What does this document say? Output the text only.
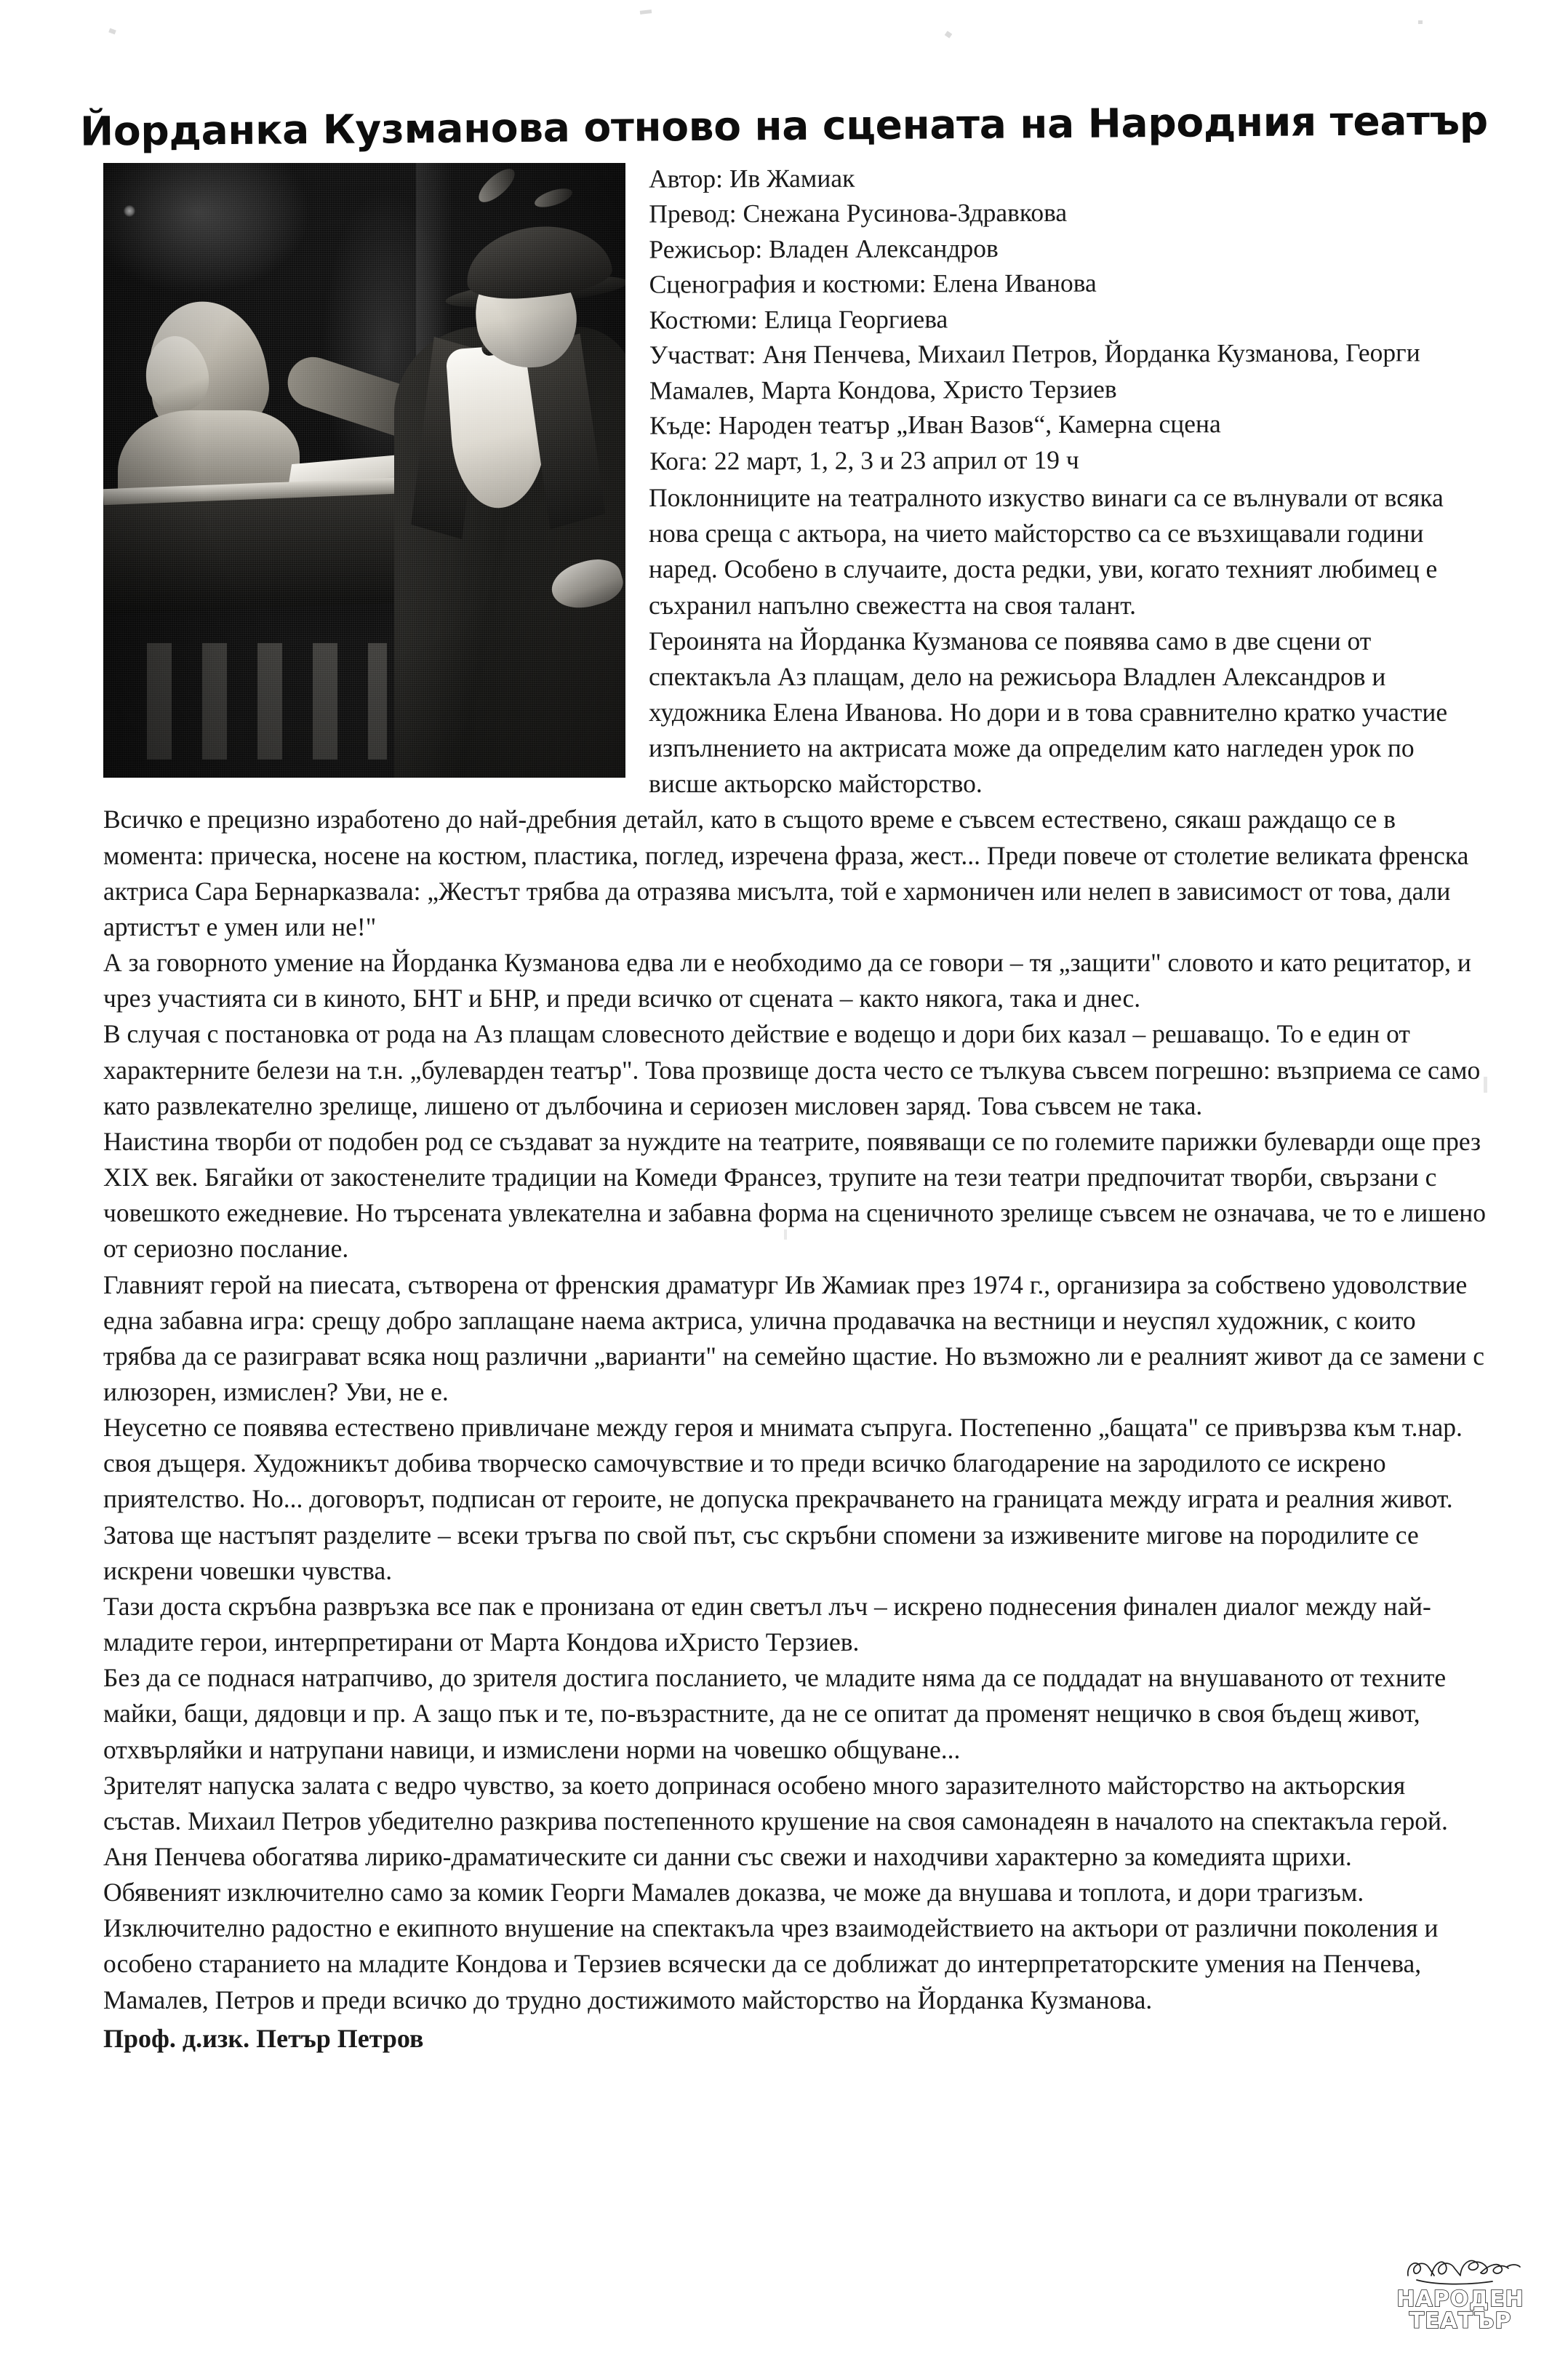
Йорданка Кузманова отново на сцената на Народния театър
Автор: Ив Жамиак
Превод: Снежана Русинова-Здравкова
Режисьор: Владен Александров
Сценография и костюми: Елена Иванова
Костюми: Елица Георгиева
Участват: Аня Пенчева, Михаил Петров, Йорданка Кузманова, Георги Мамалев, Марта Кондова, Христо Терзиев
Къде: Народен театър „Иван Вазов“, Камерна сцена
Кога: 22 март, 1, 2, 3 и 23 април от 19 ч

Поклонниците на театралното изкуство винаги са се вълнували от всяка нова среща с актьора, на чието майсторство са се възхищавали години наред. Особено в случаите, доста редки, уви, когато техният любимец е съхранил напълно свежестта на своя талант.

Героинята на Йорданка Кузманова се появява само в две сцени от спектакъла Аз плащам, дело на режисьора Владлен Александров и художника Елена Иванова. Но дори и в това сравнително кратко участие изпълнението на актрисата може да определим като нагледен урок по висше актьорско майсторство.

Всичко е прецизно изработено до най-дребния детайл, като в същото време е съвсем естествено, сякаш раждащо се в момента: прическа, носене на костюм, пластика, поглед, изречена фраза, жест... Преди повече от столетие великата френска актриса Сара Бернарказвала: „Жестът трябва да отразява мисълта, той е хармоничен или нелеп в зависимост от това, дали артистът е умен или не!"

А за говорното умение на Йорданка Кузманова едва ли е необходимо да се говори – тя „защити" словото и като рецитатор, и чрез участията си в киното, БНТ и БНР, и преди всичко от сцената – както някога, така и днес.

В случая с постановка от рода на Аз плащам словесното действие е водещо и дори бих казал – решаващо. То е един от характерните белези на т.н. „булеварден театър". Това прозвище доста често се тълкува съвсем погрешно: възприема се само като развлекателно зрелище, лишено от дълбочина и сериозен мисловен заряд. Това съвсем не така.

Наистина творби от подобен род се създават за нуждите на театрите, появяващи се по големите парижки булеварди още през XIX век. Бягайки от закостенелите традиции на Комеди Франсез, трупите на тези театри предпочитат творби, свързани с човешкото ежедневие. Но търсената увлекателна и забавна форма на сценичното зрелище съвсем не означава, че то е лишено от сериозно послание.

Главният герой на пиесата, сътворена от френския драматург Ив Жамиак през 1974 г., организира за собствено удоволствие една забавна игра: срещу добро заплащане наема актриса, улична продавачка на вестници и неуспял художник, с които трябва да се разиграват всяка нощ различни „варианти" на семейно щастие. Но възможно ли е реалният живот да се замени с илюзорен, измислен? Уви, не е.

Неусетно се появява естествено привличане между героя и мнимата съпруга. Постепенно „бащата" се привързва към т.нар. своя дъщеря. Художникът добива творческо самочувствие и то преди всичко благодарение на зародилото се искрено приятелство. Но... договорът, подписан от героите, не допуска прекрачването на границата между играта и реалния живот. Затова ще настъпят разделите – всеки тръгва по свой път, със скръбни спомени за изживените мигове на породилите се искрени човешки чувства.

Тази доста скръбна развръзка все пак е пронизана от един светъл лъч – искрено поднесения финален диалог между най-младите герои, интерпретирани от Марта Кондова иХристо Терзиев.

Без да се поднася натрапчиво, до зрителя достига посланието, че младите няма да се поддадат на внушаваното от техните майки, бащи, дядовци и пр. А защо пък и те, по-възрастните, да не се опитат да променят нещичко в своя бъдещ живот, отхвърляйки и натрупани навици, и измислени норми на човешко общуване...

Зрителят напуска залата с ведро чувство, за което допринася особено много заразителното майсторство на актьорския състав. Михаил Петров убедително разкрива постепенното крушение на своя самонадеян в началото на спектакъла герой.

Аня Пенчева обогатява лирико-драматическите си данни със свежи и находчиви характерно за комедията щрихи.

Обявеният изключително само за комик Георги Мамалев доказва, че може да внушава и топлота, и дори трагизъм.

Изключително радостно е екипното внушение на спектакъла чрез взаимодействието на актьори от различни поколения и особено старанието на младите Кондова и Терзиев всячески да се доближат до интерпретаторските умения на Пенчева, Мамалев, Петров и преди всичко до трудно достижимото майсторство на Йорданка Кузманова.

Проф. д.изк. Петър Петров
НАРОДЕН
ТЕАТЪР
